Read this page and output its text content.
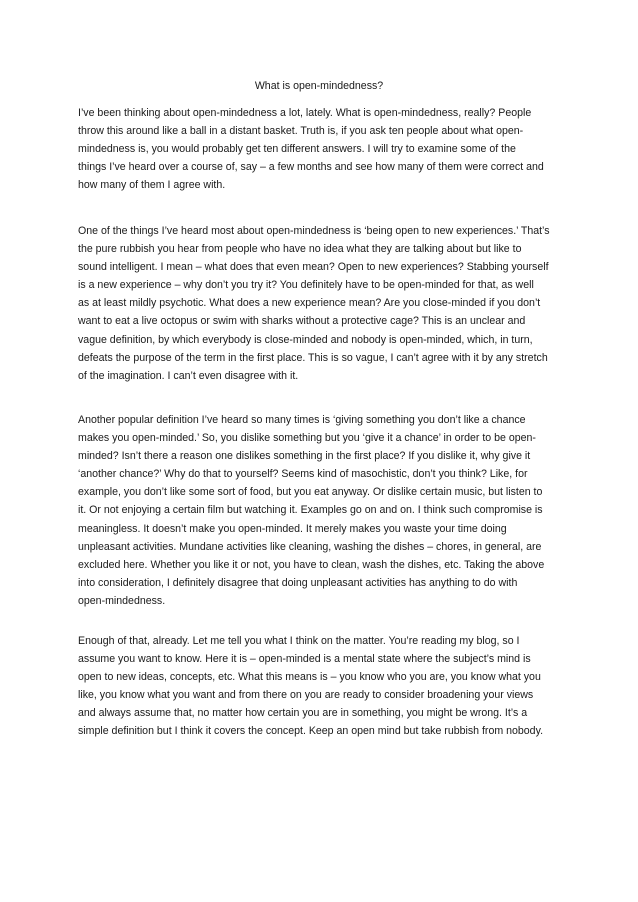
What is open-mindedness?
I’ve been thinking about open-mindedness a lot, lately. What is open-mindedness, really? People
throw this around like a ball in a distant basket. Truth is, if you ask ten people about what open-
mindedness is, you would probably get ten different answers. I will try to examine some of the
things I’ve heard over a course of, say – a few months and see how many of them were correct and
how many of them I agree with.
One of the things I’ve heard most about open-mindedness is ‘being open to new experiences.’ That’s
the pure rubbish you hear from people who have no idea what they are talking about but like to
sound intelligent. I mean – what does that even mean? Open to new experiences? Stabbing yourself
is a new experience – why don’t you try it? You definitely have to be open-minded for that, as well
as at least mildly psychotic. What does a new experience mean? Are you close-minded if you don’t
want to eat a live octopus or swim with sharks without a protective cage? This is an unclear and
vague definition, by which everybody is close-minded and nobody is open-minded, which, in turn,
defeats the purpose of the term in the first place. This is so vague, I can’t agree with it by any stretch
of the imagination. I can’t even disagree with it.
Another popular definition I’ve heard so many times is ‘giving something you don’t like a chance
makes you open-minded.’ So, you dislike something but you ‘give it a chance’ in order to be open-
minded? Isn’t there a reason one dislikes something in the first place? If you dislike it, why give it
‘another chance?’ Why do that to yourself? Seems kind of masochistic, don’t you think? Like, for
example, you don’t like some sort of food, but you eat anyway. Or dislike certain music, but listen to
it. Or not enjoying a certain film but watching it. Examples go on and on. I think such compromise is
meaningless. It doesn’t make you open-minded. It merely makes you waste your time doing
unpleasant activities. Mundane activities like cleaning, washing the dishes – chores, in general, are
excluded here. Whether you like it or not, you have to clean, wash the dishes, etc. Taking the above
into consideration, I definitely disagree that doing unpleasant activities has anything to do with
open-mindedness.
Enough of that, already. Let me tell you what I think on the matter. You’re reading my blog, so I
assume you want to know. Here it is – open-minded is a mental state where the subject’s mind is
open to new ideas, concepts, etc. What this means is – you know who you are, you know what you
like, you know what you want and from there on you are ready to consider broadening your views
and always assume that, no matter how certain you are in something, you might be wrong. It’s a
simple definition but I think it covers the concept. Keep an open mind but take rubbish from nobody.
